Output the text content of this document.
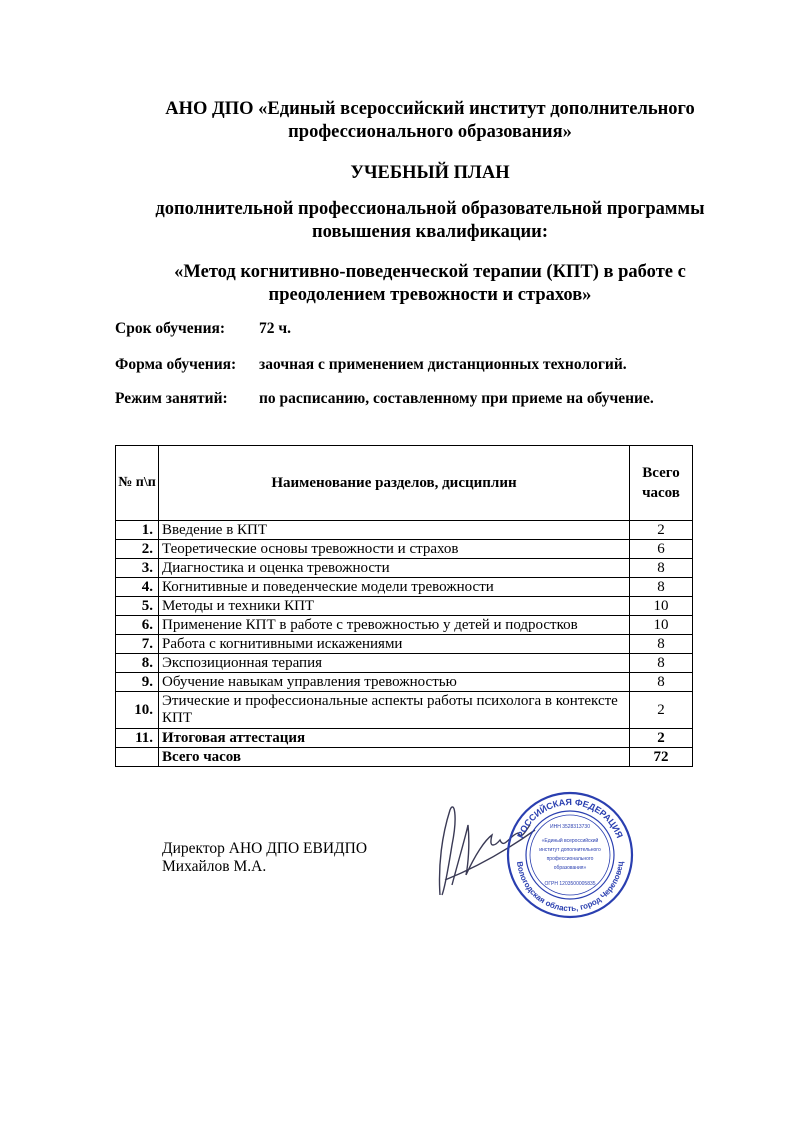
АНО ДПО «Единый всероссийский институт дополнительного
профессионального образования»
УЧЕБНЫЙ ПЛАН
дополнительной профессиональной образовательной программы
повышения квалификации:
«Метод когнитивно-поведенческой терапии (КПТ) в работе с
преодолением тревожности и страхов»
Срок обучения: 72 ч.
Форма обучения: заочная с применением дистанционных технологий.
Режим занятий: по расписанию, составленному при приеме на обучение.
№ п\п	Наименование разделов, дисциплин	Всего
часов

1.	Введение в КПТ	2
2.	Теоретические основы тревожности и страхов	6
3.	Диагностика и оценка тревожности	8
4.	Когнитивные и поведенческие модели тревожности	8
5.	Методы и техники КПТ	10
6.	Применение КПТ в работе с тревожностью у детей и подростков	10
7.	Работа с когнитивными искажениями	8
8.	Экспозиционная терапия	8
9.	Обучение навыкам управления тревожностью	8
10.	Этические и профессиональные аспекты работы психолога в контексте КПТ	2
11.	Итоговая аттестация	2
	Всего часов	72
Директор АНО ДПО ЕВИДПО
Михайлов М.А.
РОССИЙСКАЯ ФЕДЕРАЦИЯ
Вологодская область, город Череповец
ИНН 3528313730
«Единый всероссийский
институт дополнительного
профессионального
образования»
ОГРН 1203500005835
